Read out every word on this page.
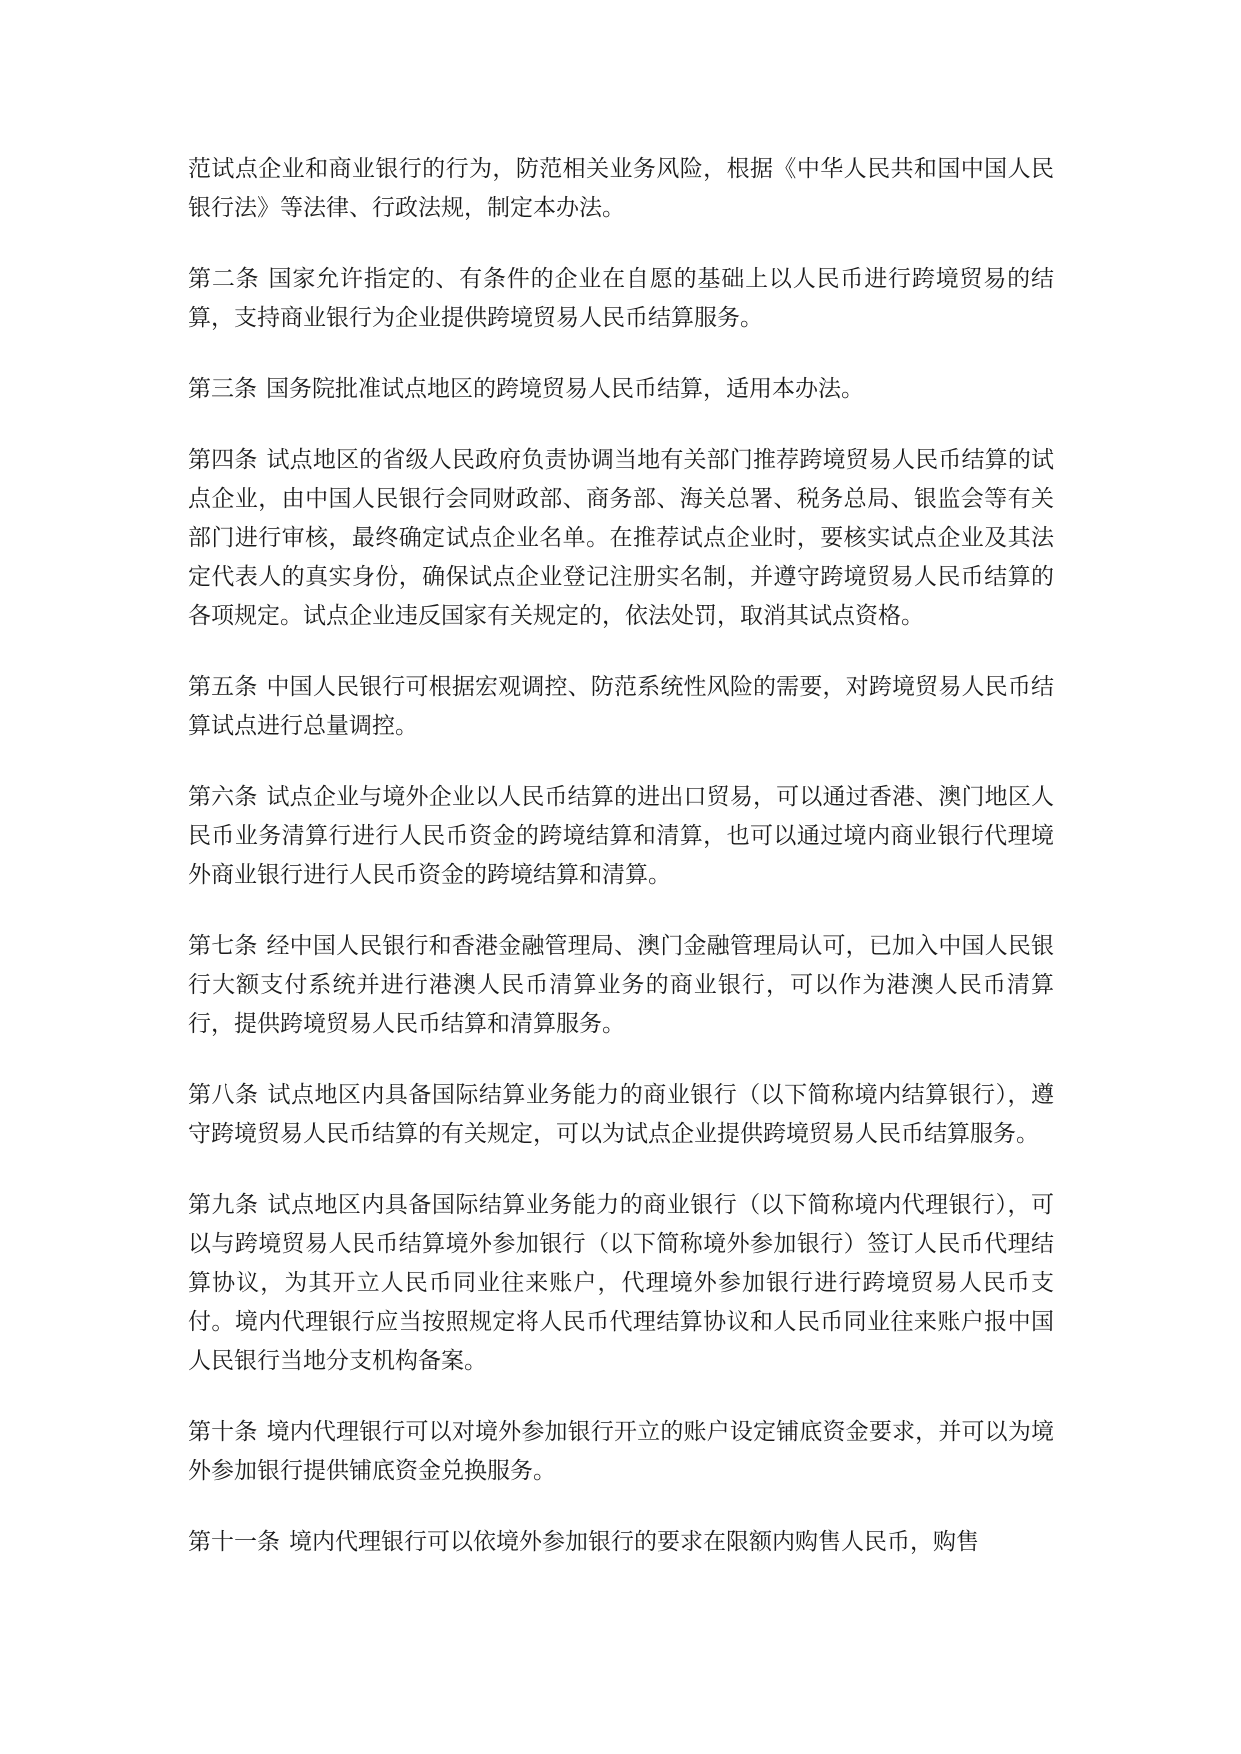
范试点企业和商业银行的行为，防范相关业务风险，根据《中华人民共和国中国人民银行法》等法律、行政法规，制定本办法。

第二条 国家允许指定的、有条件的企业在自愿的基础上以人民币进行跨境贸易的结算，支持商业银行为企业提供跨境贸易人民币结算服务。

第三条 国务院批准试点地区的跨境贸易人民币结算，适用本办法。

第四条 试点地区的省级人民政府负责协调当地有关部门推荐跨境贸易人民币结算的试点企业，由中国人民银行会同财政部、商务部、海关总署、税务总局、银监会等有关部门进行审核，最终确定试点企业名单。在推荐试点企业时，要核实试点企业及其法定代表人的真实身份，确保试点企业登记注册实名制，并遵守跨境贸易人民币结算的各项规定。试点企业违反国家有关规定的，依法处罚，取消其试点资格。

第五条 中国人民银行可根据宏观调控、防范系统性风险的需要，对跨境贸易人民币结算试点进行总量调控。

第六条 试点企业与境外企业以人民币结算的进出口贸易，可以通过香港、澳门地区人民币业务清算行进行人民币资金的跨境结算和清算，也可以通过境内商业银行代理境外商业银行进行人民币资金的跨境结算和清算。

第七条 经中国人民银行和香港金融管理局、澳门金融管理局认可，已加入中国人民银行大额支付系统并进行港澳人民币清算业务的商业银行，可以作为港澳人民币清算行，提供跨境贸易人民币结算和清算服务。

第八条 试点地区内具备国际结算业务能力的商业银行（以下简称境内结算银行），遵守跨境贸易人民币结算的有关规定，可以为试点企业提供跨境贸易人民币结算服务。

第九条 试点地区内具备国际结算业务能力的商业银行（以下简称境内代理银行），可以与跨境贸易人民币结算境外参加银行（以下简称境外参加银行）签订人民币代理结算协议，为其开立人民币同业往来账户，代理境外参加银行进行跨境贸易人民币支付。境内代理银行应当按照规定将人民币代理结算协议和人民币同业往来账户报中国人民银行当地分支机构备案。

第十条 境内代理银行可以对境外参加银行开立的账户设定铺底资金要求，并可以为境外参加银行提供铺底资金兑换服务。

第十一条 境内代理银行可以依境外参加银行的要求在限额内购售人民币，购售
